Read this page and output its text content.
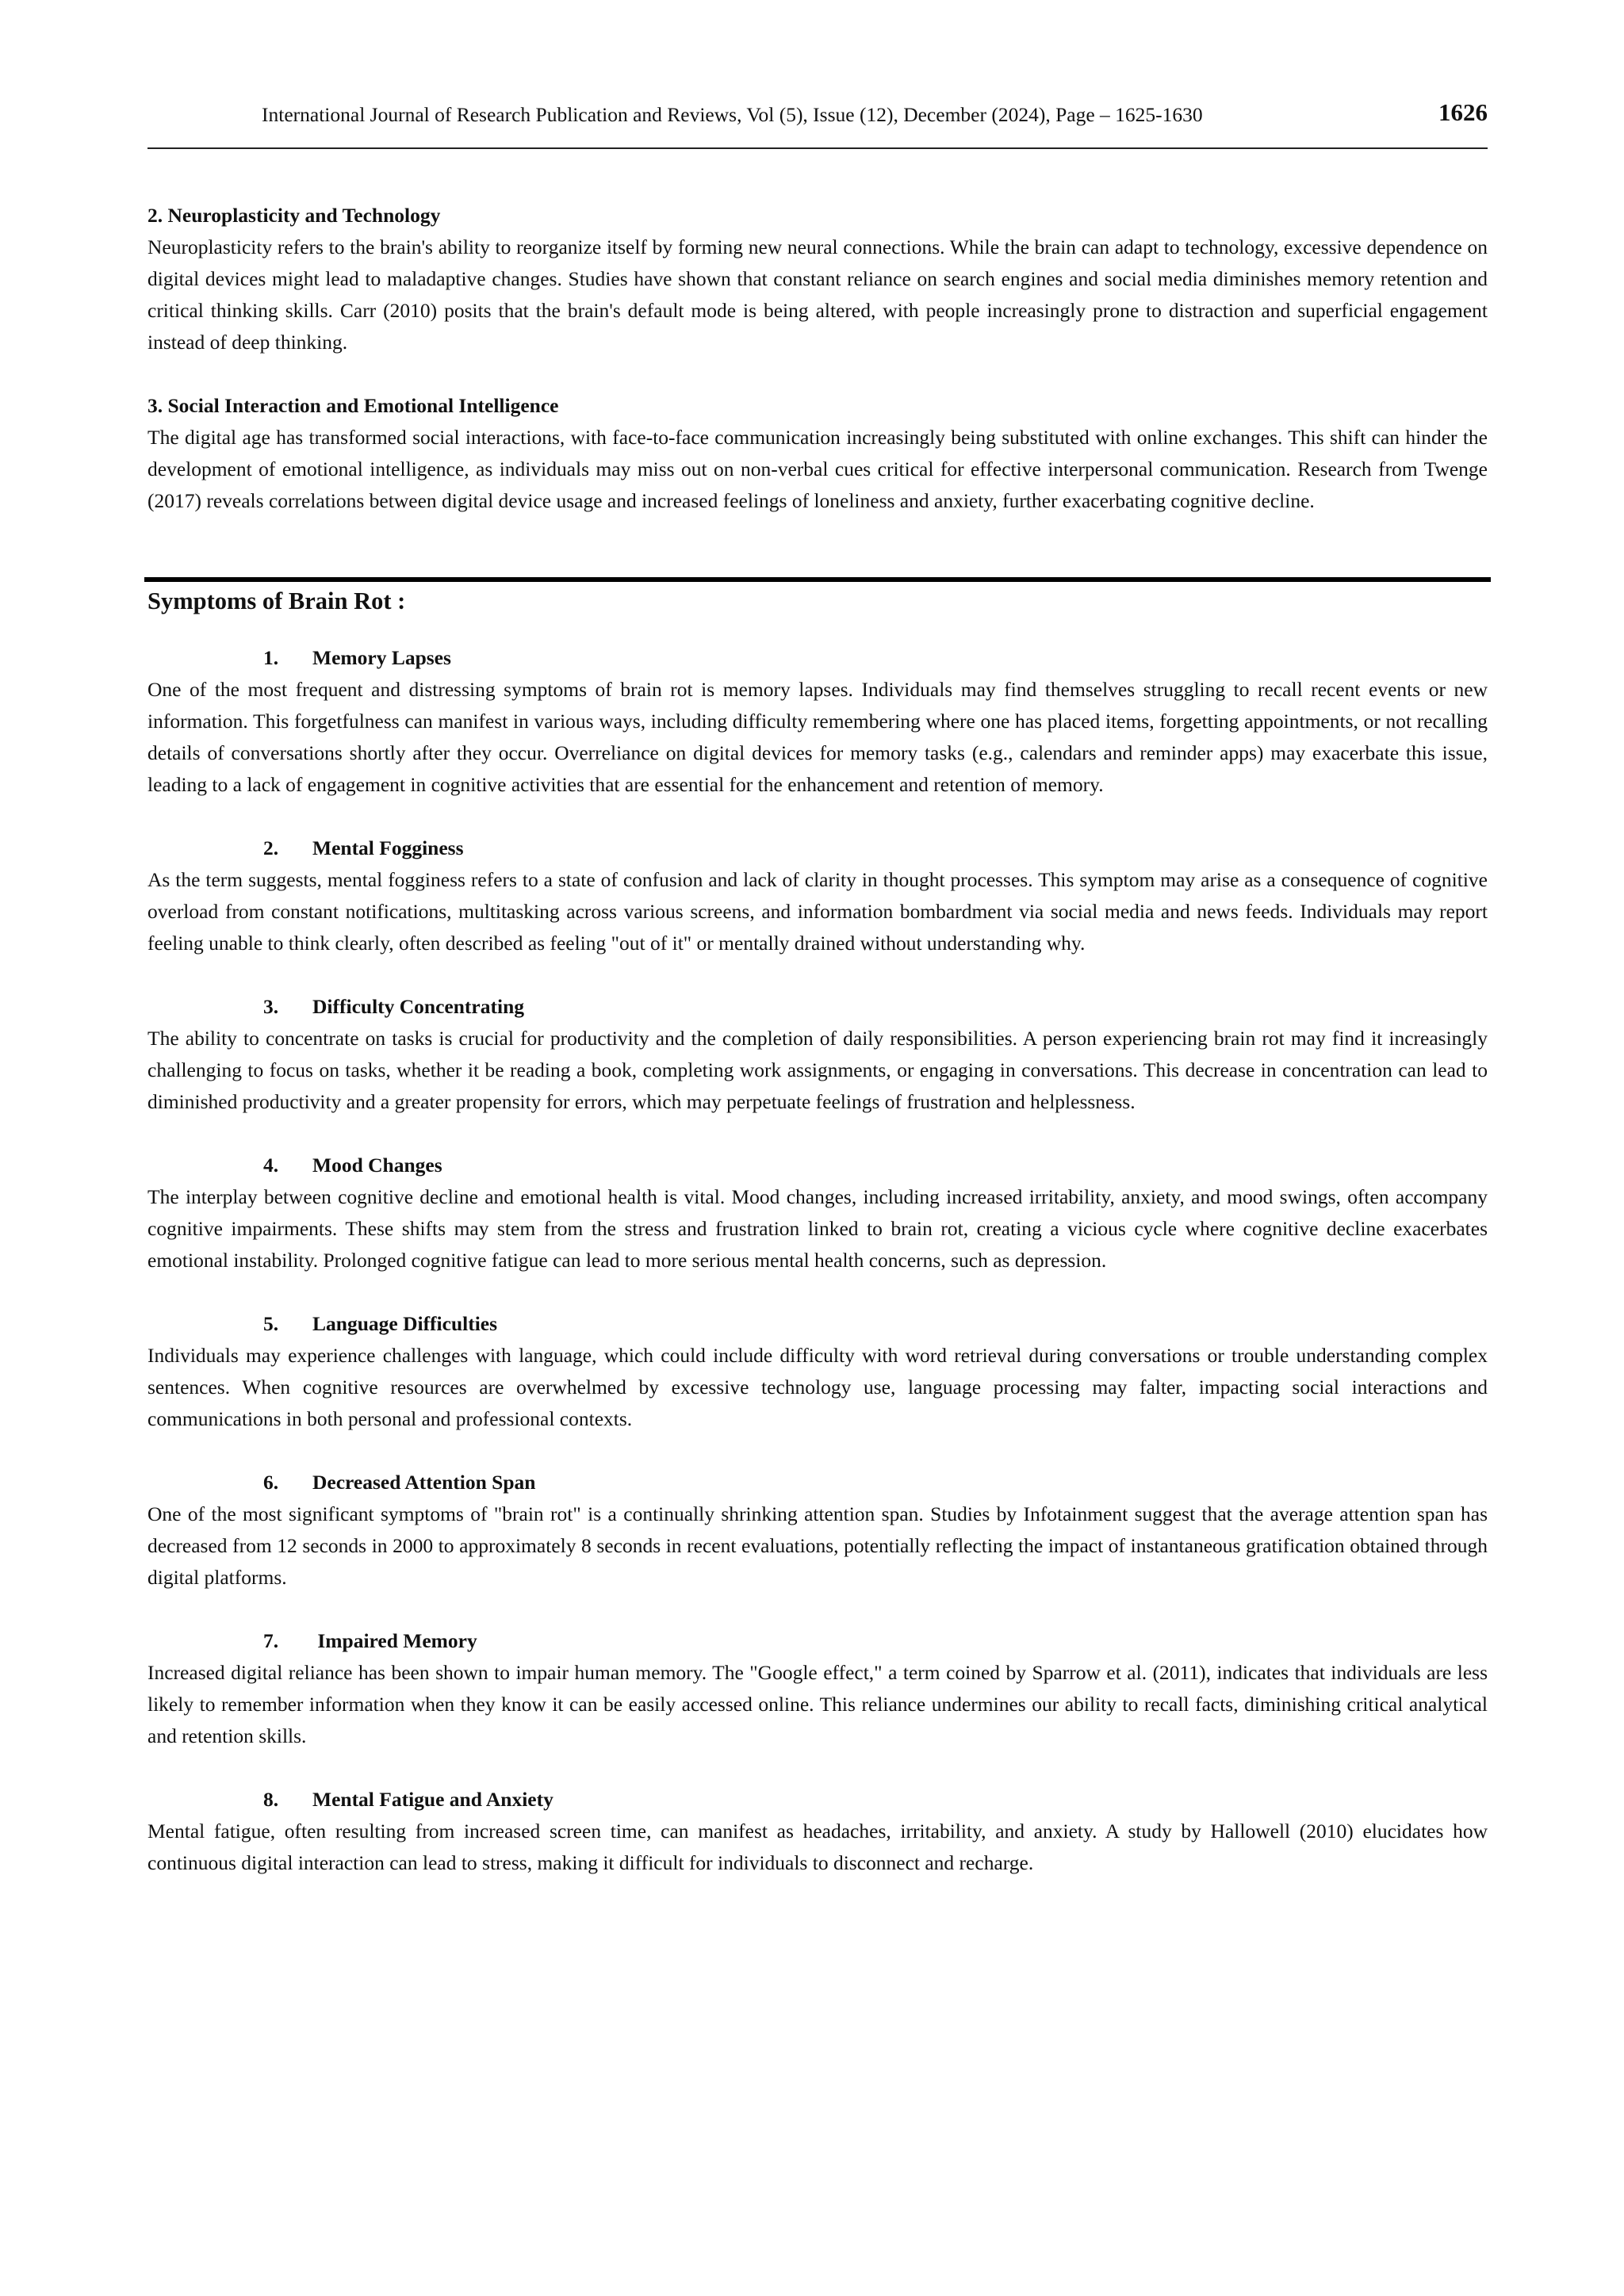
International Journal of Research Publication and Reviews, Vol (5), Issue (12), December (2024), Page – 1625-1630	1626

2. Neuroplasticity and Technology

Neuroplasticity refers to the brain's ability to reorganize itself by forming new neural connections. While the brain can adapt to technology, excessive dependence on digital devices might lead to maladaptive changes. Studies have shown that constant reliance on search engines and social media diminishes memory retention and critical thinking skills. Carr (2010) posits that the brain's default mode is being altered, with people increasingly prone to distraction and superficial engagement instead of deep thinking.

3. Social Interaction and Emotional Intelligence

The digital age has transformed social interactions, with face-to-face communication increasingly being substituted with online exchanges. This shift can hinder the development of emotional intelligence, as individuals may miss out on non-verbal cues critical for effective interpersonal communication. Research from Twenge (2017) reveals correlations between digital device usage and increased feelings of loneliness and anxiety, further exacerbating cognitive decline.

Symptoms of Brain Rot :

1.	Memory Lapses

One of the most frequent and distressing symptoms of brain rot is memory lapses. Individuals may find themselves struggling to recall recent events or new information. This forgetfulness can manifest in various ways, including difficulty remembering where one has placed items, forgetting appointments, or not recalling details of conversations shortly after they occur. Overreliance on digital devices for memory tasks (e.g., calendars and reminder apps) may exacerbate this issue, leading to a lack of engagement in cognitive activities that are essential for the enhancement and retention of memory.

2.	Mental Fogginess

As the term suggests, mental fogginess refers to a state of confusion and lack of clarity in thought processes. This symptom may arise as a consequence of cognitive overload from constant notifications, multitasking across various screens, and information bombardment via social media and news feeds. Individuals may report feeling unable to think clearly, often described as feeling "out of it" or mentally drained without understanding why.

3.	Difficulty Concentrating

The ability to concentrate on tasks is crucial for productivity and the completion of daily responsibilities. A person experiencing brain rot may find it increasingly challenging to focus on tasks, whether it be reading a book, completing work assignments, or engaging in conversations. This decrease in concentration can lead to diminished productivity and a greater propensity for errors, which may perpetuate feelings of frustration and helplessness.

4.	Mood Changes

The interplay between cognitive decline and emotional health is vital. Mood changes, including increased irritability, anxiety, and mood swings, often accompany cognitive impairments. These shifts may stem from the stress and frustration linked to brain rot, creating a vicious cycle where cognitive decline exacerbates emotional instability. Prolonged cognitive fatigue can lead to more serious mental health concerns, such as depression.

5.	Language Difficulties

Individuals may experience challenges with language, which could include difficulty with word retrieval during conversations or trouble understanding complex sentences. When cognitive resources are overwhelmed by excessive technology use, language processing may falter, impacting social interactions and communications in both personal and professional contexts.

6.	Decreased Attention Span

One of the most significant symptoms of "brain rot" is a continually shrinking attention span. Studies by Infotainment suggest that the average attention span has decreased from 12 seconds in 2000 to approximately 8 seconds in recent evaluations, potentially reflecting the impact of instantaneous gratification obtained through digital platforms.

7.	Impaired Memory

Increased digital reliance has been shown to impair human memory. The "Google effect," a term coined by Sparrow et al. (2011), indicates that individuals are less likely to remember information when they know it can be easily accessed online. This reliance undermines our ability to recall facts, diminishing critical analytical and retention skills.

8.	Mental Fatigue and Anxiety

Mental fatigue, often resulting from increased screen time, can manifest as headaches, irritability, and anxiety. A study by Hallowell (2010) elucidates how continuous digital interaction can lead to stress, making it difficult for individuals to disconnect and recharge.
